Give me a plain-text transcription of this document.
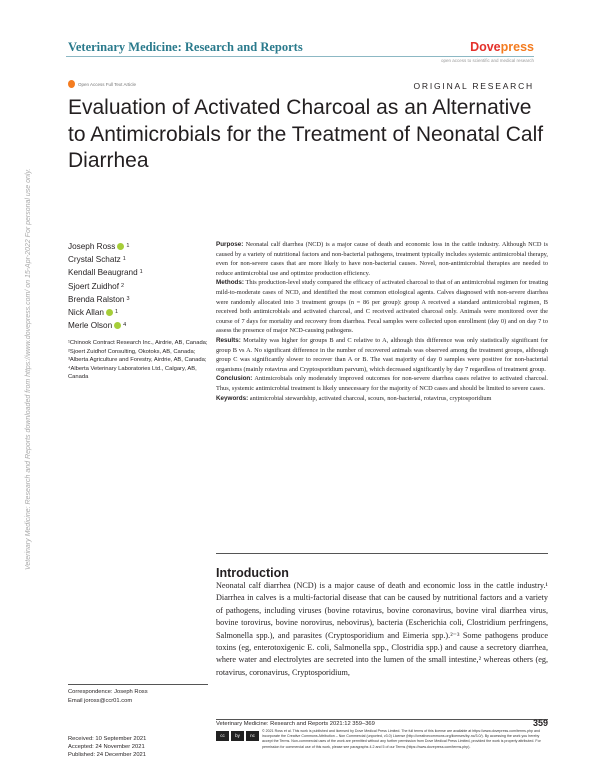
Veterinary Medicine: Research and Reports	Dovepress
open access to scientific and medical research
Open Access Full Text Article	ORIGINAL RESEARCH
Evaluation of Activated Charcoal as an Alternative to Antimicrobials for the Treatment of Neonatal Calf Diarrhea
Veterinary Medicine: Research and Reports downloaded from https://www.dovepress.com/ on 15-Apr-2022 For personal use only.	Joseph Ross 1
Crystal Schatz 1
Kendall Beaugrand 1
Sjoert Zuidhof 2
Brenda Ralston 3
Nick Allan 1
Merle Olson 4
¹Chinook Contract Research Inc., Airdrie, AB, Canada; ²Sjoert Zuidhof Consulting, Okotoks, AB, Canada; ³Alberta Agriculture and Forestry, Airdrie, AB, Canada; ⁴Alberta Veterinary Laboratories Ltd., Calgary, AB, Canada

Purpose: Neonatal calf diarrhea (NCD) is a major cause of death and economic loss in the cattle industry. Although NCD is caused by a variety of nutritional factors and non-bacterial pathogens, treatment typically includes systemic antimicrobial therapy, even for non-severe cases that are more likely to have non-bacterial causes. Novel, non-antimicrobial therapies are needed to reduce antimicrobial use and optimize production efficiency.

Methods: This production-level study compared the efficacy of activated charcoal to that of an antimicrobial regimen for treating mild-to-moderate cases of NCD, and identified the most common etiological agents. Calves diagnosed with non-severe diarrhea were randomly allocated into 3 treatment groups (n = 86 per group): group A received a standard antimicrobial regimen, B received both antimicrobials and activated charcoal, and C received activated charcoal only. Animals were monitored over the course of 7 days for mortality and recovery from diarrhea. Fecal samples were collected upon enrollment (day 0) and on day 7 to assess the presence of major NCD-causing pathogens.

Results: Mortality was higher for groups B and C relative to A, although this difference was only statistically significant for group B vs A. No significant difference in the number of recovered animals was observed among the treatment groups, although group C was significantly slower to recover than A or B. The vast majority of day 0 samples were positive for non-bacterial organisms (mainly rotavirus and Cryptosporidium parvum), which decreased significantly by day 7 regardless of treatment group.

Conclusion: Antimicrobials only moderately improved outcomes for non-severe diarrhea cases relative to activated charcoal. Thus, systemic antimicrobial treatment is likely unnecessary for the majority of NCD cases and should be limited to severe cases.

Keywords: antimicrobial stewardship, activated charcoal, scours, non-bacterial, rotavirus, cryptosporidium

Introduction
Neonatal calf diarrhea (NCD) is a major cause of death and economic loss in the cattle industry.¹ Diarrhea in calves is a multi-factorial disease that can be caused by nutritional factors and a variety of pathogens, including viruses (bovine rotavirus, bovine coronavirus, bovine viral diarrhea virus, bovine torovirus, bovine norovirus, nebovirus), bacteria (Escherichia coli, Clostridium perfringens, Salmonella spp.), and parasites (Cryptosporidium and Eimeria spp.).²⁻³ Some pathogens produce toxins (eg, enterotoxigenic E. coli, Salmonella spp., Clostridia spp.) and cause a secretory diarrhea, where water and electrolytes are secreted into the lumen of the small intestine,² whereas others (eg, rotavirus, coronavirus, Cryptosporidium,
Correspondence: Joseph Ross
Email joross@ccr01.com
Received: 10 September 2021
Accepted: 24 November 2021
Published: 24 December 2021
Veterinary Medicine: Research and Reports 2021:12 359–369	359
cc	by	nc
© 2021 Ross et al. This work is published and licensed by Dove Medical Press Limited. The full terms of this license are available at https://www.dovepress.com/terms.php and incorporate the Creative Commons Attribution – Non Commercial (unported, v3.0) License (http://creativecommons.org/licenses/by-nc/3.0/). By accessing the work you hereby accept the Terms. Non-commercial uses of the work are permitted without any further permission from Dove Medical Press Limited, provided the work is properly attributed. For permission for commercial use of this work, please see paragraphs 4.2 and 5 of our Terms (https://www.dovepress.com/terms.php).
